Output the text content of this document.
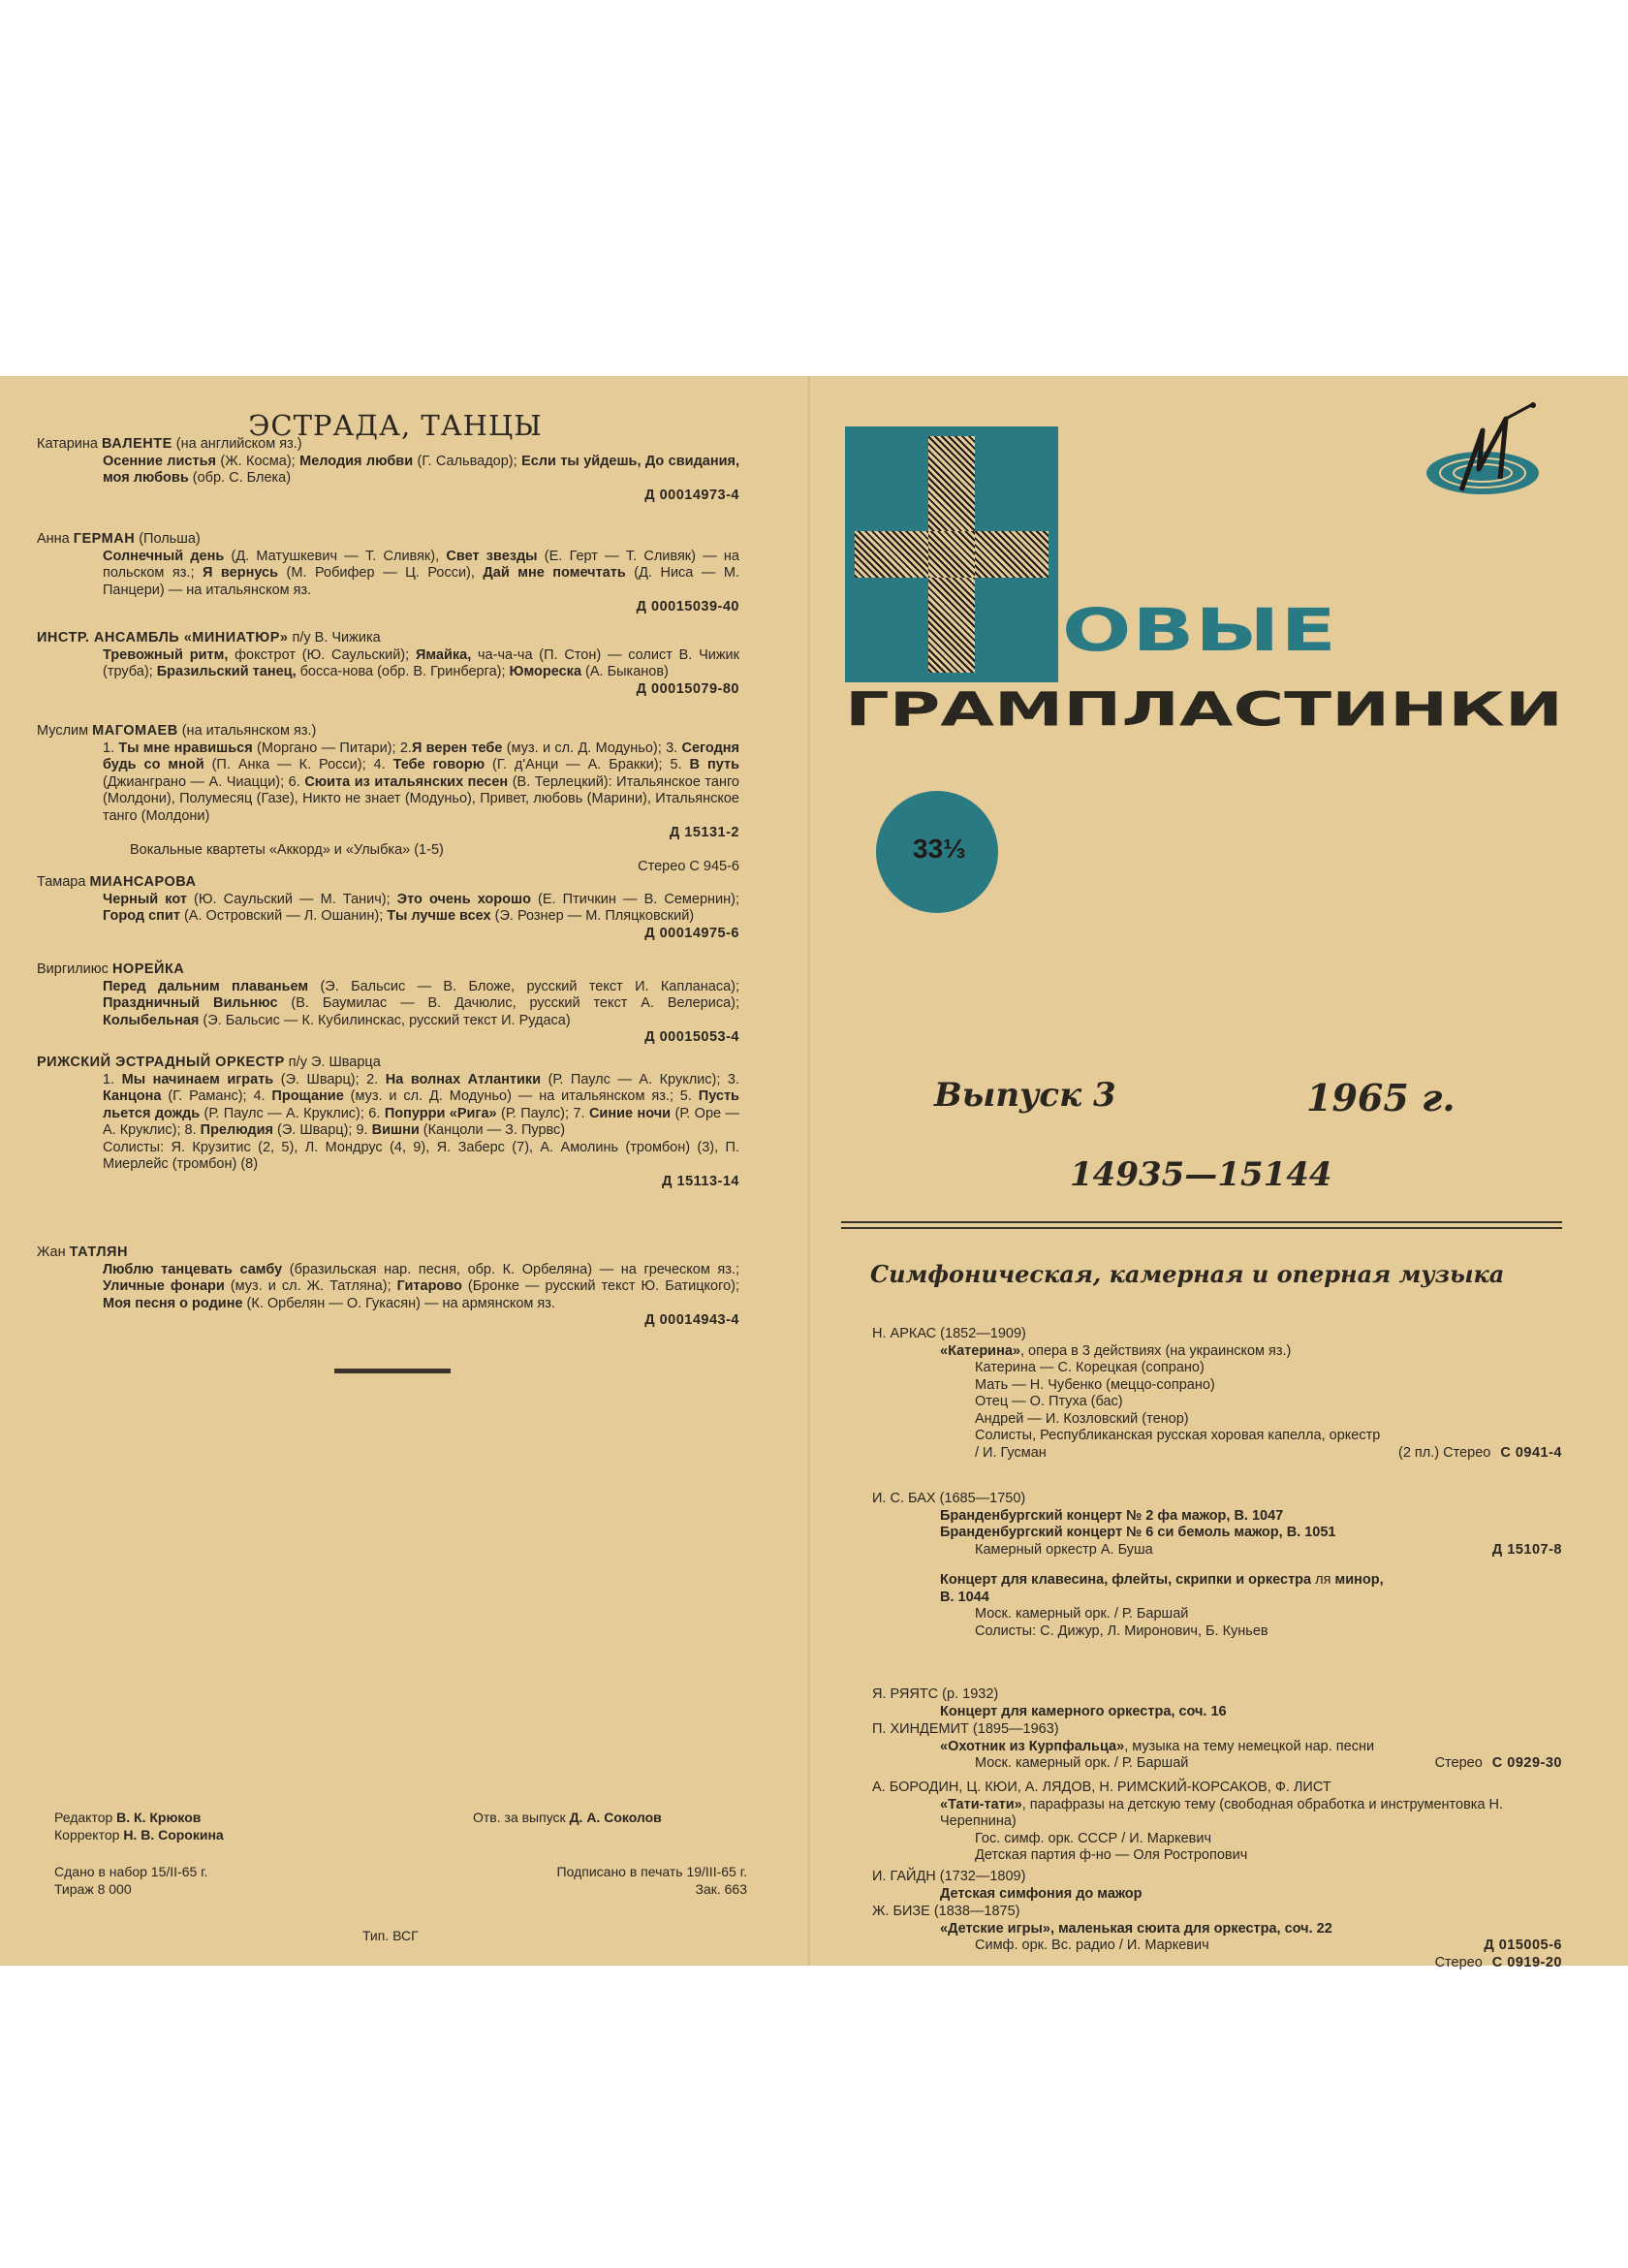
ЭСТРАДА, ТАНЦЫ
Катарина ВАЛЕНТЕ (на английском яз.)
Осенние листья (Ж. Косма); Мелодия любви (Г. Сальвадор); Если ты уйдешь, До свидания, моя любовь (обр. С. Блека)
Д 00014973-4
Анна ГЕРМАН (Польша)
Солнечный день (Д. Матушкевич — Т. Сливяк), Свет звезды (Е. Герт — Т. Сливяк) — на польском яз.; Я вернусь (М. Робифер — Ц. Росси), Дай мне помечтать (Д. Ниса — М. Панцери) — на итальянском яз.
Д 00015039-40
ИНСТР. АНСАМБЛЬ «МИНИАТЮР» п/у В. Чижика
Тревожный ритм, фокстрот (Ю. Саульский); Ямайка, ча-ча-ча (П. Стон) — солист В. Чижик (труба); Бразильский танец, босса-нова (обр. В. Гринберга); Юмореска (А. Быканов)
Д 00015079-80
Муслим МАГОМАЕВ (на итальянском яз.)
1. Ты мне нравишься (Моргано — Питари); 2.Я верен тебе (муз. и сл. Д. Модуньо); 3. Сегодня будь со мной (П. Анка — К. Росси); 4. Тебе говорю (Г. д'Анци — А. Бракки); 5. В путь (Джианграно — А. Чиацци); 6. Сюита из итальянских песен (В. Терлецкий): Итальянское танго (Молдони), Полумесяц (Газе), Никто не знает (Модуньо), Привет, любовь (Марини), Итальянское танго (Молдони)
Д 15131-2
Вокальные квартеты «Аккорд» и «Улыбка» (1-5)
Стерео С 945-6
Тамара МИАНСАРОВА
Черный кот (Ю. Саульский — М. Танич); Это очень хорошо (Е. Птичкин — В. Семернин); Город спит (А. Островский — Л. Ошанин); Ты лучше всех (Э. Рознер — М. Пляцковский)
Д 00014975-6
Виргилиюс НОРЕЙКА
Перед дальним плаваньем (Э. Бальсис — В. Бложе, русский текст И. Капланаса); Праздничный Вильнюс (В. Баумилас — В. Дачюлис, русский текст А. Велериса); Колыбельная (Э. Бальсис — К. Кубилинскас, русский текст И. Рудаса)
Д 00015053-4
РИЖСКИЙ ЭСТРАДНЫЙ ОРКЕСТР п/у Э. Шварца
1. Мы начинаем играть (Э. Шварц); 2. На волнах Атлантики (Р. Паулс — А. Круклис); 3. Канцона (Г. Раманс); 4. Прощание (муз. и сл. Д. Модуньо) — на итальянском яз.; 5. Пусть льется дождь (Р. Паулс — А. Круклис); 6. Попурри «Рига» (Р. Паулс); 7. Синие ночи (Р. Оре — А. Круклис); 8. Прелюдия (Э. Шварц); 9. Вишни (Канцоли — З. Пурвс)
Солисты: Я. Крузитис (2, 5), Л. Мондрус (4, 9), Я. Заберс (7), А. Амолинь (тромбон) (3), П. Миерлейс (тромбон) (8)
Д 15113-14
Жан ТАТЛЯН
Люблю танцевать самбу (бразильская нар. песня, обр. К. Орбеляна) — на греческом яз.; Уличные фонари (муз. и сл. Ж. Татляна); Гитарово (Бронке — русский текст Ю. Батицкого); Моя песня о родине (К. Орбелян — О. Гукасян) — на армянском яз.
Д 00014943-4
Редактор В. К. Крюков
Корректор Н. В. Сорокина
Отв. за выпуск Д. А. Соколов
Сдано в набор 15/II-65 г.
Тираж 8 000
Подписано в печать 19/III-65 г.
Зак. 663
Тип. ВСГ
ОВЫЕ
ГРАМПЛАСТИНКИ
33⅓
Выпуск 3	1965 г.
14935—15144
Симфоническая, камерная и оперная музыка
Н. АРКАС (1852—1909)
«Катерина», опера в 3 действиях (на украинском яз.)
Катерина — С. Корецкая (сопрано)
Мать — Н. Чубенко (меццо-сопрано)
Отец — О. Птуха (бас)
Андрей — И. Козловский (тенор)
Солисты, Республиканская русская хоровая капелла, оркестр
/ И. Гусман	С 0941-4
(2 пл.) Стерео
И. С. БАХ (1685—1750)
Бранденбургский концерт № 2 фа мажор, В. 1047
Бранденбургский концерт № 6 си бемоль мажор, В. 1051
Камерный оркестр А. Буша	Д 15107-8
Концерт для клавесина, флейты, скрипки и оркестра ля минор,
В. 1044
Моск. камерный орк. / Р. Баршай
Солисты: С. Дижур, Л. Миронович, Б. Куньев
Я. РЯЯТС (р. 1932)
Концерт для камерного оркестра, соч. 16
П. ХИНДЕМИТ (1895—1963)
«Охотник из Курпфальца», музыка на тему немецкой нар. песни
Моск. камерный орк. / Р. Баршай	С 0929-30
Стерео
А. БОРОДИН, Ц. КЮИ, А. ЛЯДОВ, Н. РИМСКИЙ-КОРСАКОВ, Ф. ЛИСТ
«Тати-тати», парафразы на детскую тему (свободная обработка и инструментовка Н. Черепнина)
Гос. симф. орк. СССР / И. Маркевич
Детская партия ф-но — Оля Ростропович
И. ГАЙДН (1732—1809)
Детская симфония до мажор
Ж. БИЗЕ (1838—1875)
«Детские игры», маленькая сюита для оркестра, соч. 22
Симф. орк. Вс. радио / И. Маркевич	Д 015005-6
С 0919-20
Стерео
